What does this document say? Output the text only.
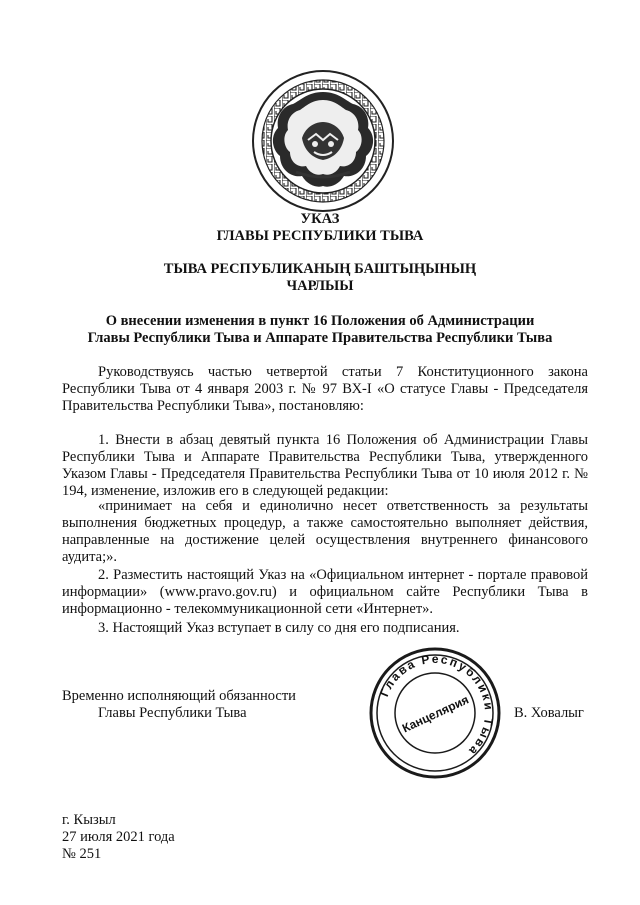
УКАЗ
ГЛАВЫ РЕСПУБЛИКИ ТЫВА
ТЫВА РЕСПУБЛИКАНЫҢ БАШТЫҢЫНЫҢ
ЧАРЛЫЫ
О внесении изменения в пункт 16 Положения об Администрации
Главы Республики Тыва и Аппарате Правительства Республики Тыва

Руководствуясь частью четвертой статьи 7 Конституционного закона Республики Тыва от 4 января 2003 г. № 97 ВХ-I «О статусе Главы - Председателя Правительства Республики Тыва», постановляю:

1. Внести в абзац девятый пункта 16 Положения об Администрации Главы Республики Тыва и Аппарате Правительства Республики Тыва, утвержденного Указом Главы - Председателя Правительства Республики Тыва от 10 июля 2012 г. № 194, изменение, изложив его в следующей редакции:

«принимает на себя и единолично несет ответственность за результаты выполнения бюджетных процедур, а также самостоятельно выполняет действия, направленные на достижение целей осуществления внутреннего финансового аудита;».

2. Разместить настоящий Указ на «Официальном интернет - портале правовой информации» (www.pravo.gov.ru) и официальном сайте Республики Тыва в информационно - телекоммуникационной сети «Интернет».

3. Настоящий Указ вступает в силу со дня его подписания.

Временно исполняющий обязанности
Главы Республики Тыва	В. Ховалыг
Глава Республики Тыва
Канцелярия
г. Кызыл
27 июля 2021 года
№ 251
